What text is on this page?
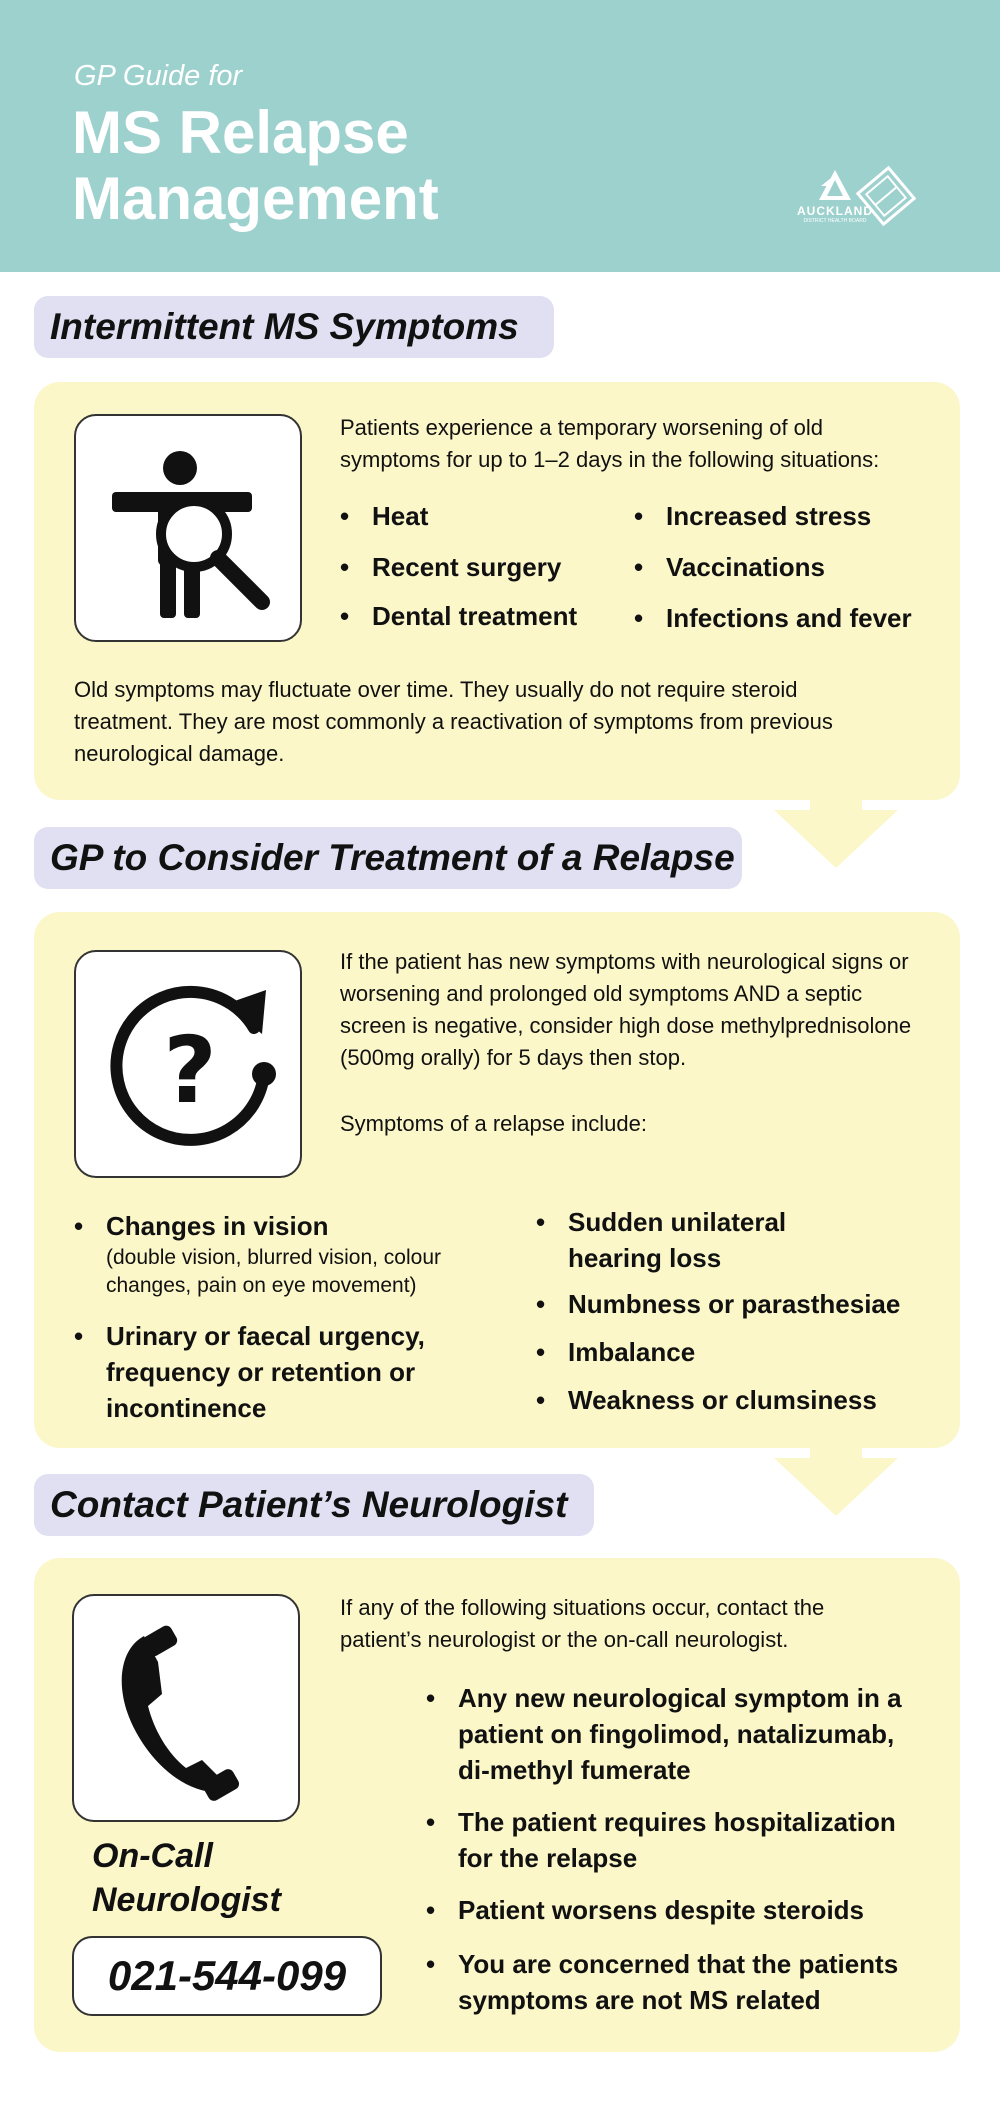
GP Guide for
MS Relapse
Management	AUCKLAND
DISTRICT HEALTH BOARD
Intermittent MS Symptoms
Patients experience a temporary worsening of old symptoms for up to 1–2 days in the following situations:
• Heat
• Recent surgery
• Dental treatment
• Increased stress
• Vaccinations
• Infections and fever
Old symptoms may fluctuate over time. They usually do not require steroid treatment. They are most commonly a reactivation of symptoms from previous neurological damage.
GP to Consider Treatment of a Relapse
?
If the patient has new symptoms with neurological signs or worsening and prolonged old symptoms AND a septic screen is negative, consider high dose methylprednisolone (500mg orally) for 5 days then stop.
Symptoms of a relapse include:
• Changes in vision
(double vision, blurred vision, colour changes, pain on eye movement)
• Urinary or faecal urgency, frequency or retention or incontinence
• Sudden unilateral hearing loss
• Numbness or parasthesiae
• Imbalance
• Weakness or clumsiness
Contact Patient’s Neurologist
If any of the following situations occur, contact the patient’s neurologist or the on-call neurologist.
• Any new neurological symptom in a patient on fingolimod, natalizumab, di-methyl fumerate
• The patient requires hospitalization for the relapse
• Patient worsens despite steroids
• You are concerned that the patients symptoms are not MS related
On-Call Neurologist
021-544-099
